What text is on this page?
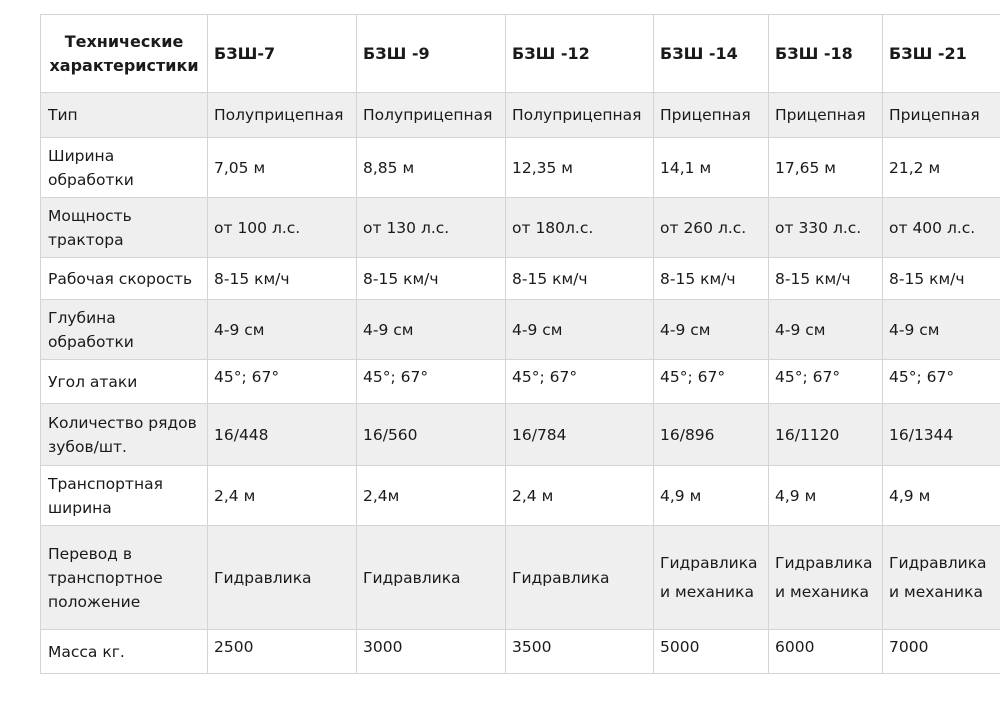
Технические характеристики	БЗШ-7	БЗШ -9	БЗШ -12	БЗШ -14	БЗШ -18	БЗШ -21
Тип	Полуприцепная	Полуприцепная	Полуприцепная	Прицепная	Прицепная	Прицепная
Ширина обработки	7,05 м	8,85 м	12,35 м	14,1 м	17,65 м	21,2 м
Мощность трактора	от 100 л.с.	от 130 л.с.	от 180л.с.	от 260 л.с.	от 330 л.с.	от 400 л.с.
Рабочая скорость	8-15 км/ч	8-15 км/ч	8-15 км/ч	8-15 км/ч	8-15 км/ч	8-15 км/ч
Глубина обработки	4-9 см	4-9 см	4-9 см	4-9 см	4-9 см	4-9 см
Угол атаки	45°; 67°	45°; 67°	45°; 67°	45°; 67°	45°; 67°	45°; 67°
Количество рядов зубов/шт.	16/448	16/560	16/784	16/896	16/1120	16/1344
Транспортная ширина	2,4 м	2,4м	2,4 м	4,9 м	4,9 м	4,9 м
Перевод в транспортное положение	Гидравлика	Гидравлика	Гидравлика	Гидравлика и механика	Гидравлика и механика	Гидравлика и механика
Масса кг.	2500	3000	3500	5000	6000	7000
